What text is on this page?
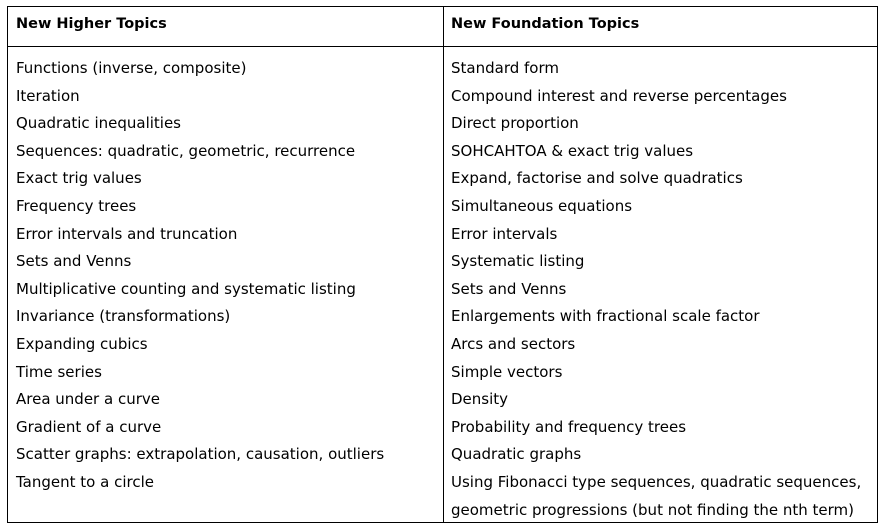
New Higher Topics	New Foundation Topics
Functions (inverse, composite)
Iteration
Quadratic inequalities
Sequences: quadratic, geometric, recurrence
Exact trig values
Frequency trees
Error intervals and truncation
Sets and Venns
Multiplicative counting and systematic listing
Invariance (transformations)
Expanding cubics
Time series
Area under a curve
Gradient of a curve
Scatter graphs: extrapolation, causation, outliers
Tangent to a circle
Standard form
Compound interest and reverse percentages
Direct proportion
SOHCAHTOA & exact trig values
Expand, factorise and solve quadratics
Simultaneous equations
Error intervals
Systematic listing
Sets and Venns
Enlargements with fractional scale factor
Arcs and sectors
Simple vectors
Density
Probability and frequency trees
Quadratic graphs
Using Fibonacci type sequences, quadratic sequences,
geometric progressions (but not finding the nth term)
